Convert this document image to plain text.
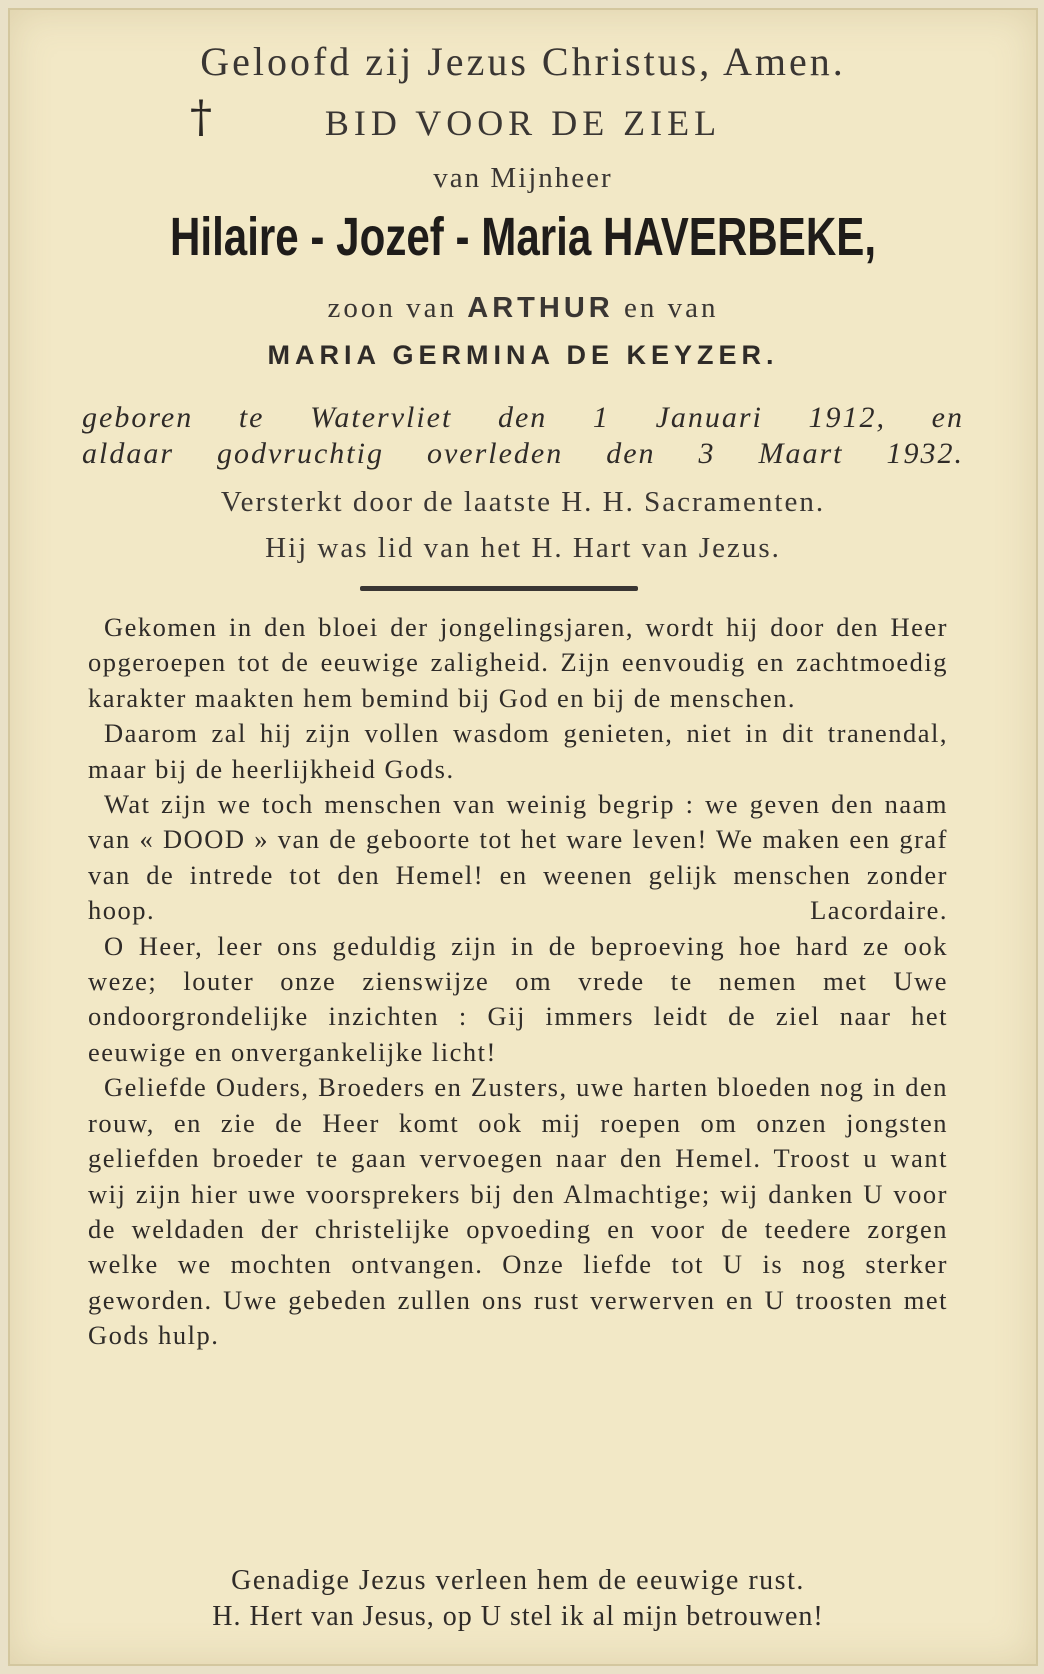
Geloofd zij Jezus Christus, Amen.
†	BID VOOR DE ZIEL
van Mijnheer
Hilaire - Jozef - Maria HAVERBEKE,
zoon van ARTHUR en van
MARIA GERMINA DE KEYZER.
geboren te Watervliet den 1 Januari 1912, en
aldaar godvruchtig overleden den 3 Maart 1932.
Versterkt door de laatste H. H. Sacramenten.
Hij was lid van het H. Hart van Jezus.

Gekomen in den bloei der jongelingsjaren, wordt hij door den Heer opgeroepen tot de eeuwige zaligheid. Zijn eenvoudig en zachtmoedig karakter maakten hem bemind bij God en bij de menschen.

Daarom zal hij zijn vollen wasdom genieten, niet in dit tranendal, maar bij de heerlijkheid Gods.

Wat zijn we toch menschen van weinig begrip : we geven den naam van « DOOD » van de geboorte tot het ware leven! We maken een graf van de intrede tot den Hemel! en weenen gelijk menschen zonder hoop.	Lacordaire.

O Heer, leer ons geduldig zijn in de beproeving hoe hard ze ook weze; louter onze zienswijze om vrede te nemen met Uwe ondoorgrondelijke inzichten : Gij immers leidt de ziel naar het eeuwige en onvergankelijke licht!

Geliefde Ouders, Broeders en Zusters, uwe harten bloeden nog in den rouw, en zie de Heer komt ook mij roepen om onzen jongsten geliefden broeder te gaan vervoegen naar den Hemel. Troost u want wij zijn hier uwe voorsprekers bij den Almachtige; wij danken U voor de weldaden der christelijke opvoeding en voor de teedere zorgen welke we mochten ontvangen. Onze liefde tot U is nog sterker geworden. Uwe gebeden zullen ons rust verwerven en U troosten met Gods hulp.

Genadige Jezus verleen hem de eeuwige rust.
H. Hert van Jesus, op U stel ik al mijn betrouwen!
